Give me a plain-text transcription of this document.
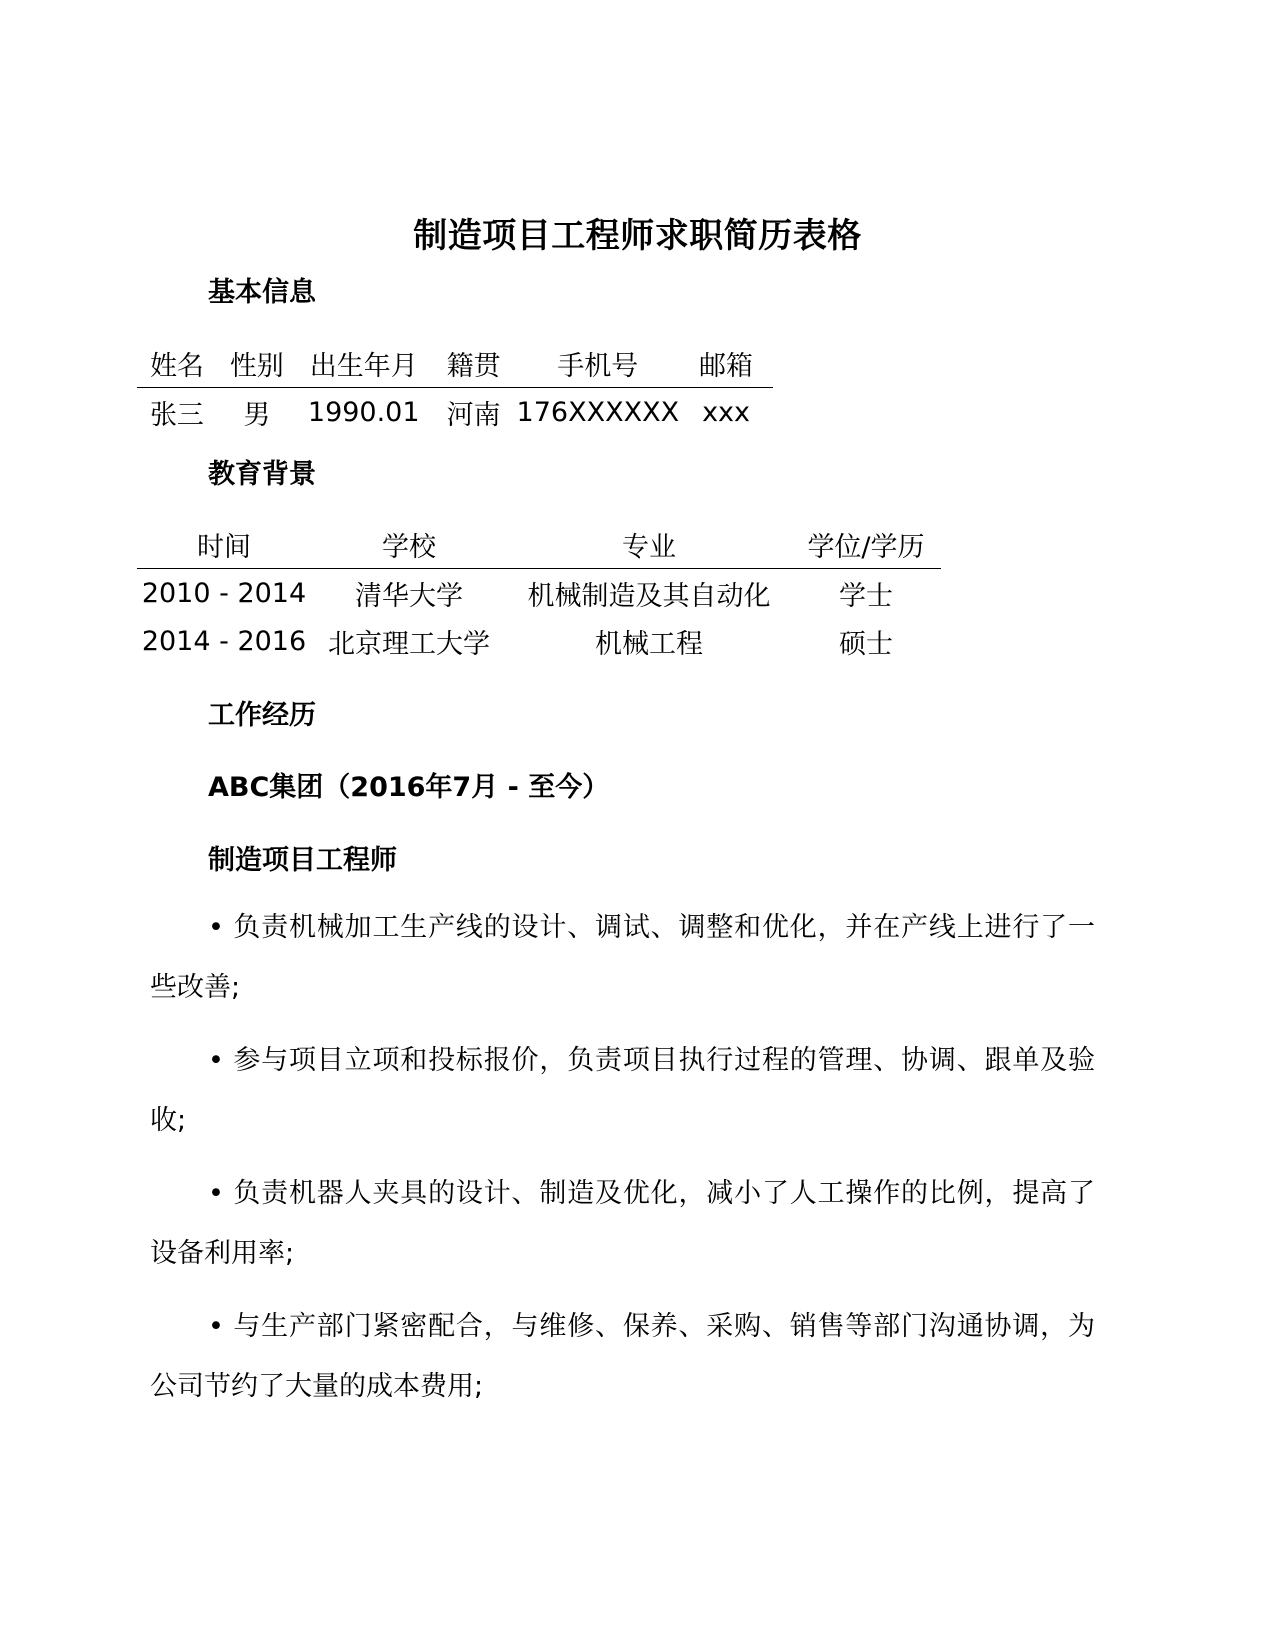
制造项目工程师求职简历表格
基本信息
姓名	性别	出生年月	籍贯	手机号	邮箱
张三	男	1990.01	河南	176XXXXXX	xxx
教育背景
时间	学校	专业	学位/学历
2010 - 2014	清华大学	机械制造及其自动化	学士
2014 - 2016	北京理工大学	机械工程	硕士
工作经历
ABC集团（2016年7月 - 至今）
制造项目工程师

• 负责机械加工生产线的设计、调试、调整和优化，并在产线上进行了一些改善;

• 参与项目立项和投标报价，负责项目执行过程的管理、协调、跟单及验收;

• 负责机器人夹具的设计、制造及优化，减小了人工操作的比例，提高了设备利用率;

• 与生产部门紧密配合，与维修、保养、采购、销售等部门沟通协调，为公司节约了大量的成本费用;
